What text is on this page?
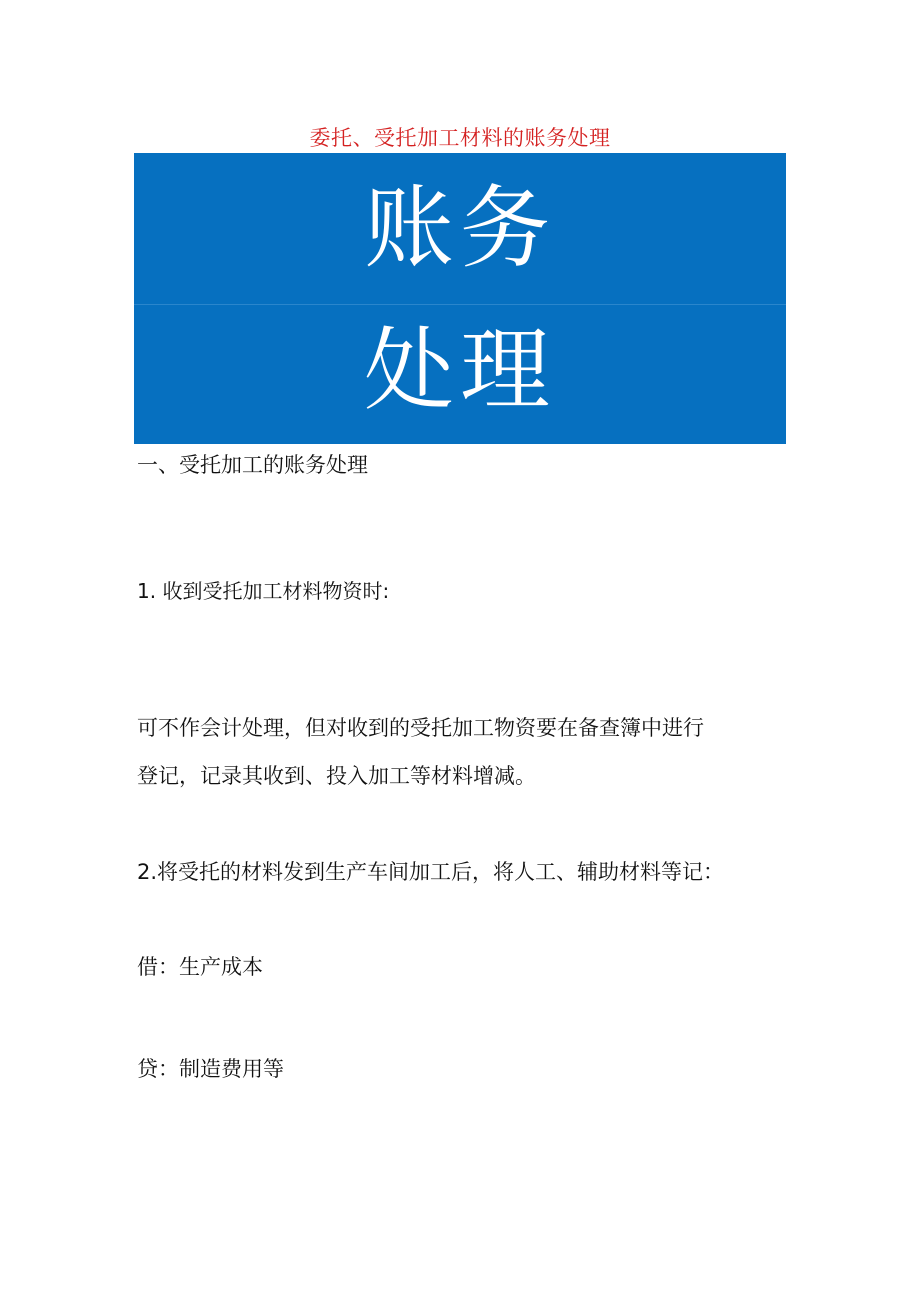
委托、受托加工材料的账务处理
账务
处理
一、受托加工的账务处理
1. 收到受托加工材料物资时:
可不作会计处理，但对收到的受托加工物资要在备查簿中进行
登记，记录其收到、投入加工等材料增减。
2.将受托的材料发到生产车间加工后，将人工、辅助材料等记：
借：生产成本
贷：制造费用等
